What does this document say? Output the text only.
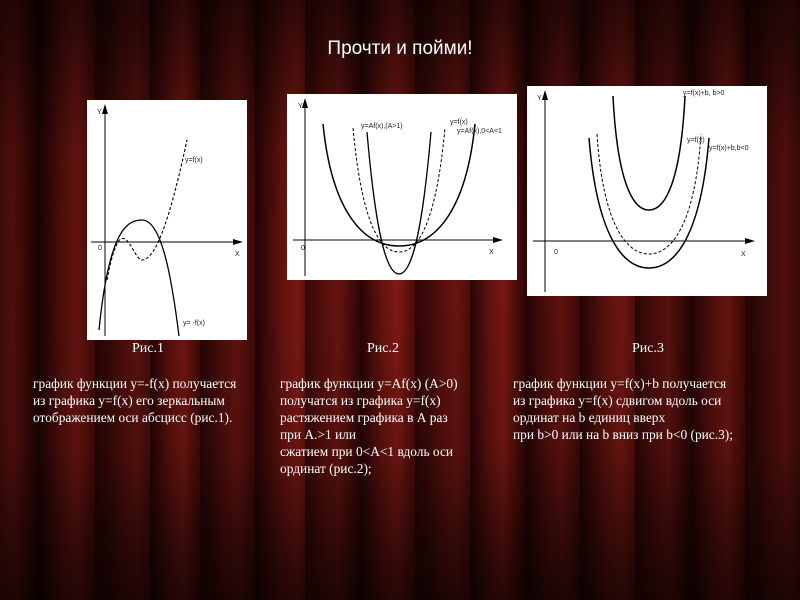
Прочти и пойми!
Y
X
0
y=f(x)
y= -f(x)
Y
X
0
y=Af(x),(A>1)
y=f(x)
y=Af(x),0<A<1
Y
X
0
y=f(x)+b, b>0
y=f(x)
y=f(x)+b,b<0
Рис.1	Рис.2	Рис.3
график функции y=-f(x) получается
из графика y=f(x) его зеркальным
отображением оси абсцисс (рис.1).
график функции y=Af(x) (A>0)
получатся из графика y=f(x)
растяжением графика в А раз
при А.>1 или
сжатием при 0<A<1 вдоль оси
ординат (рис.2);
график функции y=f(x)+b получается
из графика y=f(x) сдвигом вдоль оси
ординат на b единиц вверх
при b>0 или на b вниз при b<0 (рис.3);
